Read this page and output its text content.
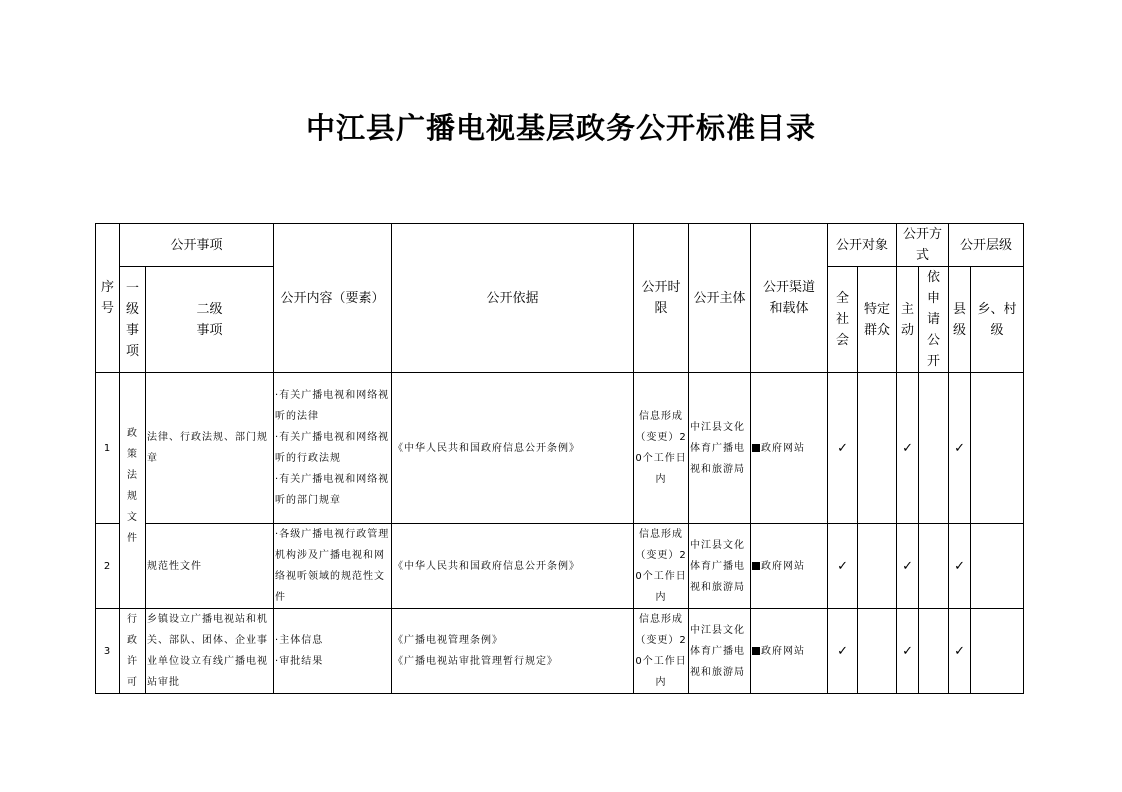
中江县广播电视基层政务公开标准目录
序号	公开事项		公开内容（要素）	公开依据	公开时限	公开主体	公开渠道和载体	公开对象		公开方式		公开层级	
	一级事项	二级事项						全社会	特定群众	主动	依申请公开	县级	乡、村级
1	政策法规文件	法律、行政法规、部门规章	·有关广播电视和网络视听的法律
·有关广播电视和网络视听的行政法规
·有关广播电视和网络视听的部门规章	《中华人民共和国政府信息公开条例》	信息形成（变更）20个工作日内	中江县文化体育广播电视和旅游局	政府网站	✓		✓		✓	
2		规范性文件	·各级广播电视行政管理机构涉及广播电视和网络视听领域的规范性文件	《中华人民共和国政府信息公开条例》	信息形成（变更）20个工作日内	中江县文化体育广播电视和旅游局	政府网站	✓		✓		✓	
3	行政许可	乡镇设立广播电视站和机关、部队、团体、企业事业单位设立有线广播电视站审批	·主体信息
·审批结果	《广播电视管理条例》
《广播电视站审批管理暂行规定》	信息形成（变更）20个工作日内	中江县文化体育广播电视和旅游局	政府网站	✓		✓		✓	
